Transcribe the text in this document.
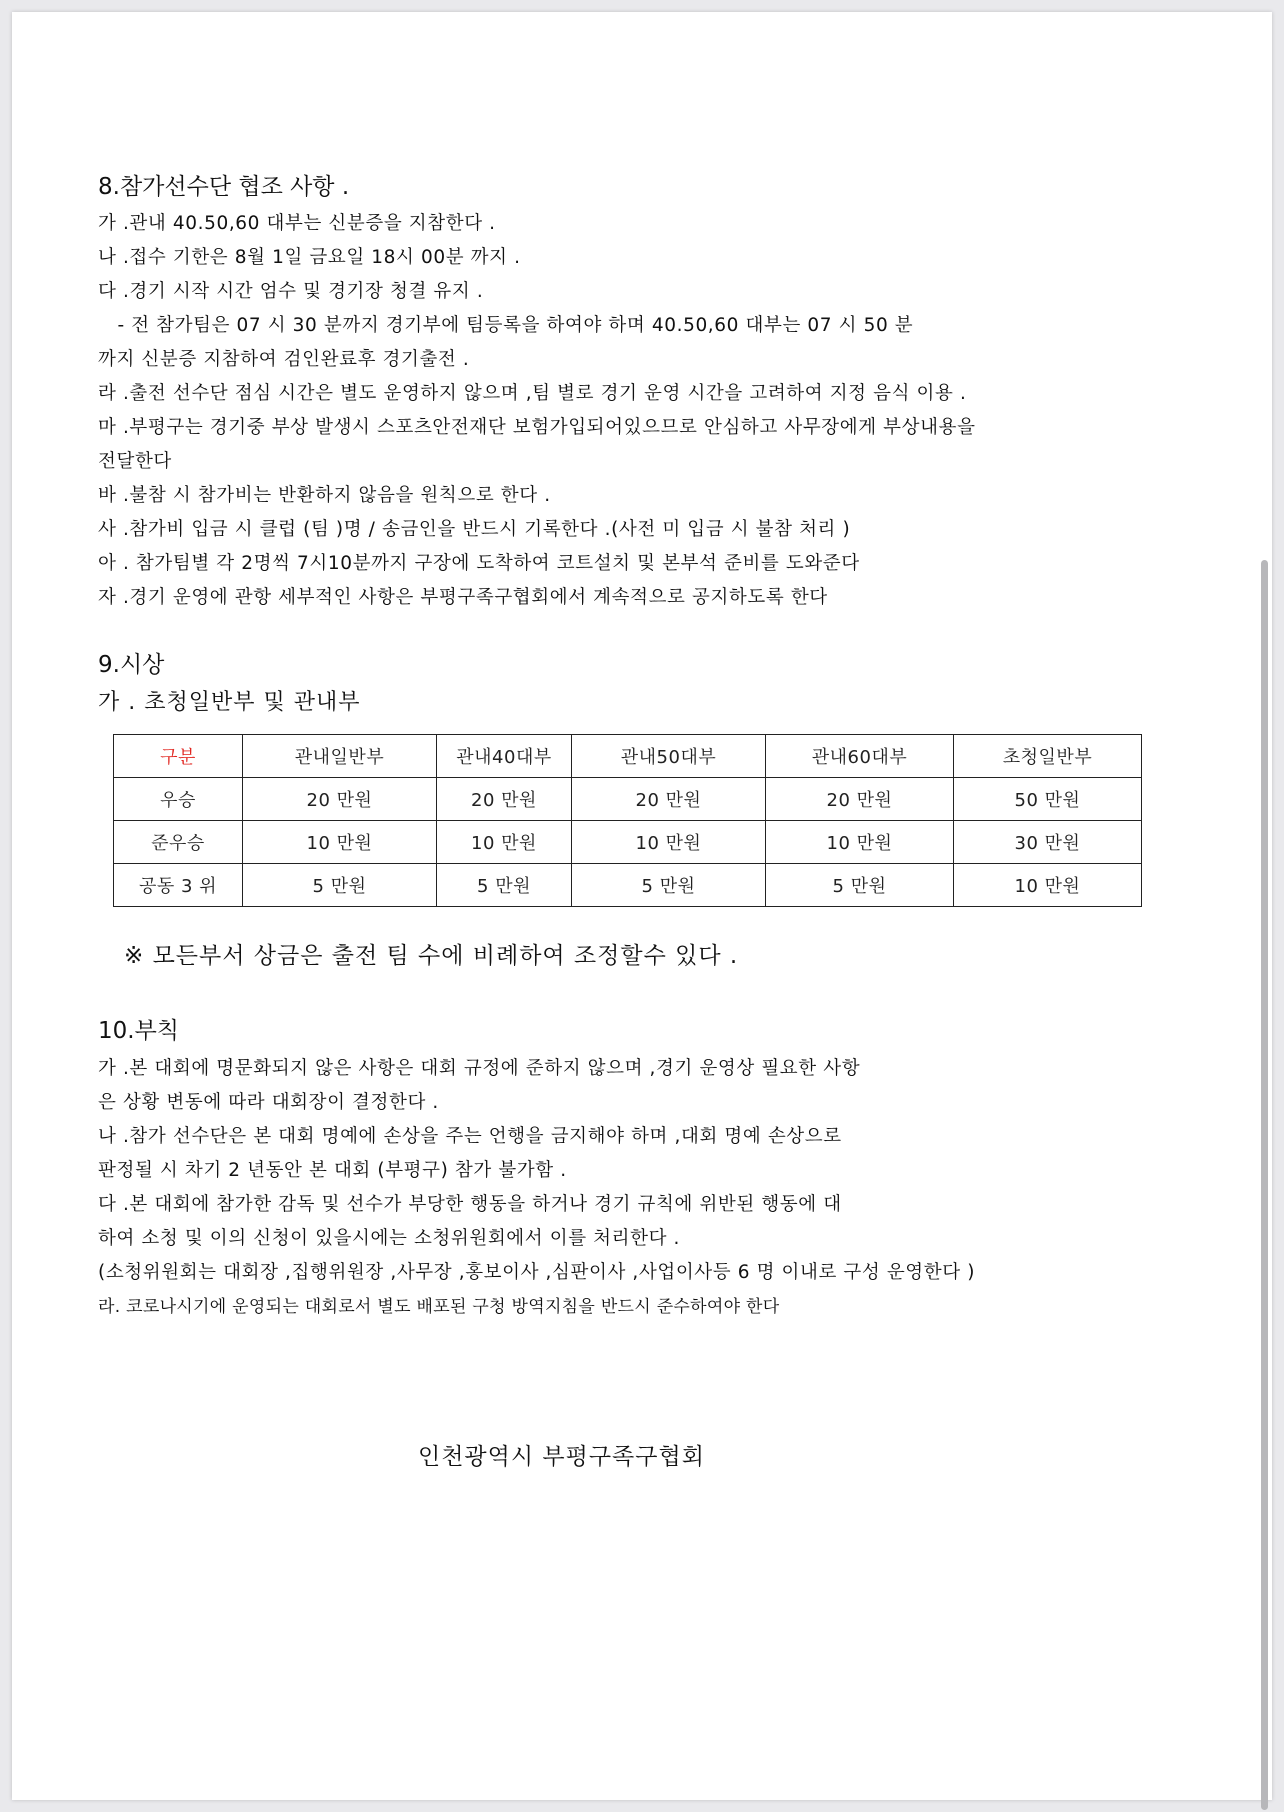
8.참가선수단 협조 사항 .
가 .관내 40.50,60 대부는 신분증을 지참한다 .
나 .접수 기한은 8월 1일 금요일 18시 00분 까지 .
다 .경기 시작 시간 엄수 및 경기장 청결 유지 .
- 전 참가팀은 07 시 30 분까지 경기부에 팀등록을 하여야 하며 40.50,60 대부는 07 시 50 분
까지 신분증 지참하여 검인완료후 경기출전 .
라 .출전 선수단 점심 시간은 별도 운영하지 않으며 ,팀 별로 경기 운영 시간을 고려하여 지정 음식 이용 .
마 .부평구는 경기중 부상 발생시 스포츠안전재단 보험가입되어있으므로 안심하고 사무장에게 부상내용을
전달한다
바 .불참 시 참가비는 반환하지 않음을 원칙으로 한다 .
사 .참가비 입금 시 클럽 (팀 )명 / 송금인을 반드시 기록한다 .(사전 미 입금 시 불참 처리 )
아 . 참가팀별 각 2명씩 7시10분까지 구장에 도착하여 코트설치 및 본부석 준비를 도와준다
자 .경기 운영에 관항 세부적인 사항은 부평구족구협회에서 계속적으로 공지하도록 한다
9.시상
가 . 초청일반부 및 관내부
구분	관내일반부	관내40대부	관내50대부	관내60대부	초청일반부
우승	20 만원	20 만원	20 만원	20 만원	50 만원
준우승	10 만원	10 만원	10 만원	10 만원	30 만원
공동 3 위	5 만원	5 만원	5 만원	5 만원	10 만원
※ 모든부서 상금은 출전 팀 수에 비례하여 조정할수 있다 .
10.부칙
가 .본 대회에 명문화되지 않은 사항은 대회 규정에 준하지 않으며 ,경기 운영상 필요한 사항
은 상황 변동에 따라 대회장이 결정한다 .
나 .참가 선수단은 본 대회 명예에 손상을 주는 언행을 금지해야 하며 ,대회 명예 손상으로
판정될 시 차기 2 년동안 본 대회 (부평구) 참가 불가함 .
다 .본 대회에 참가한 감독 및 선수가 부당한 행동을 하거나 경기 규칙에 위반된 행동에 대
하여 소청 및 이의 신청이 있을시에는 소청위원회에서 이를 처리한다 .
(소청위원회는 대회장 ,집행위원장 ,사무장 ,홍보이사 ,심판이사 ,사업이사등 6 명 이내로 구성 운영한다 )
라. 코로나시기에 운영되는 대회로서 별도 배포된 구청 방역지침을 반드시 준수하여야 한다
인천광역시 부평구족구협회
